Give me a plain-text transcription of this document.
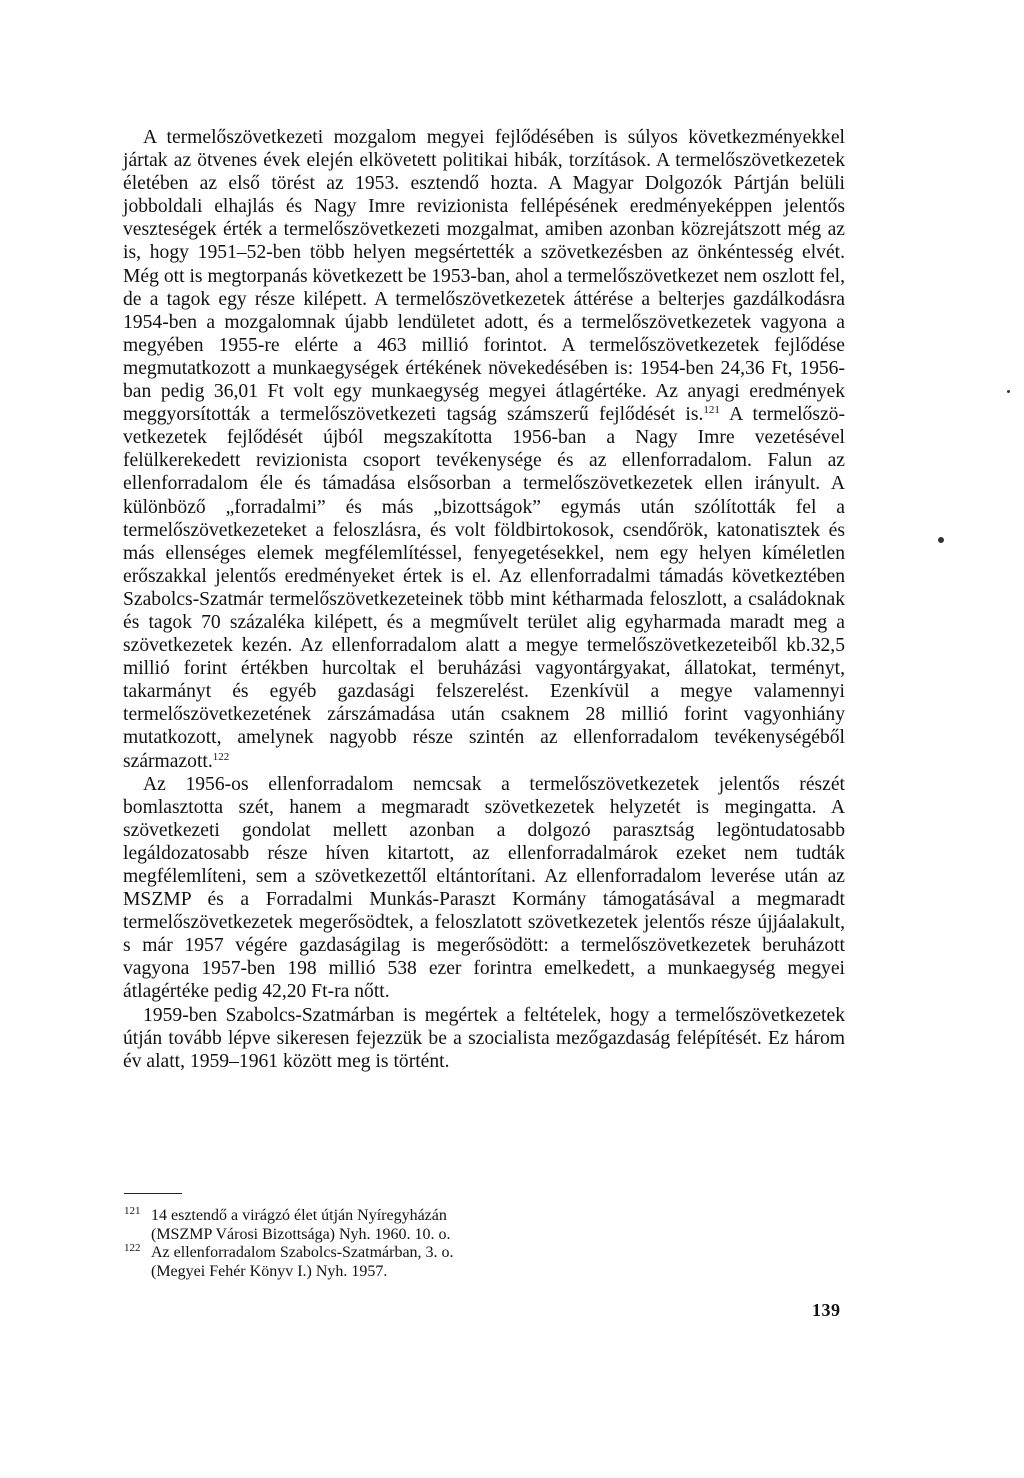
A termelőszövetkezeti mozgalom megyei fejlődésében is súlyos következményekkel jártak az ötvenes évek elején elkövetett politikai hibák, torzítások. A termelőszövetkezetek életében az első törést az 1953. esztendő hozta. A Magyar Dolgozók Pártján belüli jobboldali elhajlás és Nagy Imre revizionista fellépésének eredményeképpen jelentős veszteségek érték a termelőszövetkezeti mozgalmat, amiben azonban közrejátszott még az is, hogy 1951–52-ben több helyen megsértették a szövetkezésben az önkéntesség elvét. Még ott is megtorpanás következett be 1953-ban, ahol a termelőszövetkezet nem oszlott fel, de a tagok egy része kilépett. A termelőszövetkezetek áttérése a belterjes gazdálkodásra 1954-ben a mozgalomnak újabb lendületet adott, és a termelőszövetkezetek vagyona a megyében 1955-re elérte a 463 millió forintot. A termelőszövetkezetek fejlődése megmutatkozott a munkaegységek értékének növekedésében is: 1954-ben 24,36 Ft, 1956-ban pedig 36,01 Ft volt egy munkaegység megyei átlagértéke. Az anyagi eredmények meggyorsították a termelőszövetkezeti tagság számszerű fejlődését is.$^{121}$ A termelőszövetkezetek fejlődését újból megszakította 1956-ban a Nagy Imre vezetésével felülkerekedett revizionista csoport tevékenysége és az ellenforradalom. Falun az ellenforradalom éle és támadása elsősorban a termelőszövetkezetek ellen irányult. A különböző „forradalmi” és más „bizottságok” egymás után szólították fel a termelőszövetkezeteket a feloszlásra, és volt földbirtokosok, csendőrök, katonatisztek és más ellenséges elemek megfélemlítéssel, fenyegetésekkel, nem egy helyen kíméletlen erőszakkal jelentős eredményeket értek is el. Az ellenforradalmi támadás következtében Szabolcs-Szatmár termelőszövetkezeteinek több mint kétharmada feloszlott, a családoknak és tagok 70 százaléka kilépett, és a megművelt terület alig egyharmada maradt meg a szövetkezetek kezén. Az ellenforradalom alatt a megye termelőszövetkezeteiből kb.32,5 millió forint értékben hurcoltak el beruházási vagyontárgyakat, állatokat, terményt, takarmányt és egyéb gazdasági felszerelést. Ezenkívül a megye valamennyi termelőszövetkezetének zárszámadása után csaknem 28 millió forint vagyonhiány mutatkozott, amelynek nagyobb része szintén az ellenforradalom tevékenységéből származott.$^{122}$

Az 1956-os ellenforradalom nemcsak a termelőszövetkezetek jelentős részét bomlasztotta szét, hanem a megmaradt szövetkezetek helyzetét is megingatta. A szövetkezeti gondolat mellett azonban a dolgozó parasztság legöntudatosabb legáldozatosabb része híven kitartott, az ellenforradalmárok ezeket nem tudták megfélemlíteni, sem a szövetkezettől eltántorítani. Az ellenforradalom leverése után az MSZMP és a Forradalmi Munkás-Paraszt Kormány támogatásával a megmaradt termelőszövetkezetek megerősödtek, a feloszlatott szövetkezetek jelentős része újjáalakult, s már 1957 végére gazdaságilag is megerősödött: a termelőszövetkezetek beruházott vagyona 1957-ben 198 millió 538 ezer forintra emelkedett, a munkaegység megyei átlagértéke pedig 42,20 Ft-ra nőtt.

1959-ben Szabolcs-Szatmárban is megértek a feltételek, hogy a termelőszövetkezetek útján tovább lépve sikeresen fejezzük be a szocialista mezőgazdaság felépítését. Ez három év alatt, 1959–1961 között meg is történt.

121 14 esztendő a virágzó élet útján Nyíregyházán
(MSZMP Városi Bizottsága) Nyh. 1960. 10. o.
122 Az ellenforradalom Szabolcs-Szatmárban, 3. o.
(Megyei Fehér Könyv I.) Nyh. 1957.
139
